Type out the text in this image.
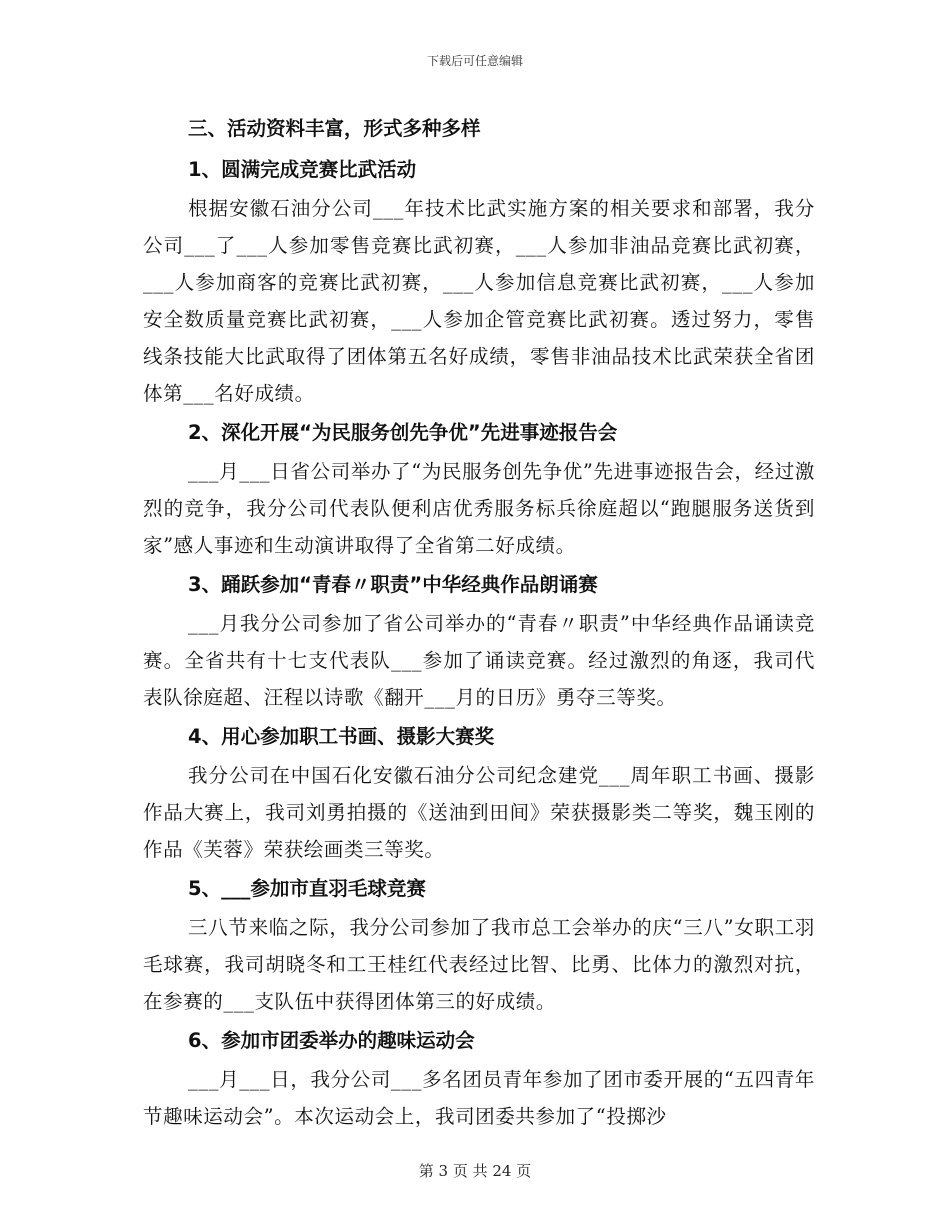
下载后可任意编辑
三、活动资料丰富，形式多种多样
1、圆满完成竞赛比武活动

根据安徽石油分公司___年技术比武实施方案的相关要求和部署，我分公司___了___人参加零售竞赛比武初赛，___人参加非油品竞赛比武初赛，___人参加商客的竞赛比武初赛，___人参加信息竞赛比武初赛，___人参加安全数质量竞赛比武初赛，___人参加企管竞赛比武初赛。透过努力，零售线条技能大比武取得了团体第五名好成绩，零售非油品技术比武荣获全省团体第___名好成绩。

2、深化开展“为民服务创先争优”先进事迹报告会

___月___日省公司举办了“为民服务创先争优”先进事迹报告会，经过激烈的竞争，我分公司代表队便利店优秀服务标兵徐庭超以“跑腿服务送货到家”感人事迹和生动演讲取得了全省第二好成绩。

3、踊跃参加“青春〃职责”中华经典作品朗诵赛

___月我分公司参加了省公司举办的“青春〃职责”中华经典作品诵读竞赛。全省共有十七支代表队___参加了诵读竞赛。经过激烈的角逐，我司代表队徐庭超、汪程以诗歌《翻开___月的日历》勇夺三等奖。

4、用心参加职工书画、摄影大赛奖

我分公司在中国石化安徽石油分公司纪念建党___周年职工书画、摄影作品大赛上，我司刘勇拍摄的《送油到田间》荣获摄影类二等奖，魏玉刚的作品《芙蓉》荣获绘画类三等奖。

5、___参加市直羽毛球竞赛

三八节来临之际，我分公司参加了我市总工会举办的庆“三八”女职工羽毛球赛，我司胡晓冬和工王桂红代表经过比智、比勇、比体力的激烈对抗，在参赛的___支队伍中获得团体第三的好成绩。

6、参加市团委举办的趣味运动会

___月___日，我分公司___多名团员青年参加了团市委开展的“五四青年节趣味运动会”。本次运动会上，我司团委共参加了“投掷沙

第 3 页 共 24 页
